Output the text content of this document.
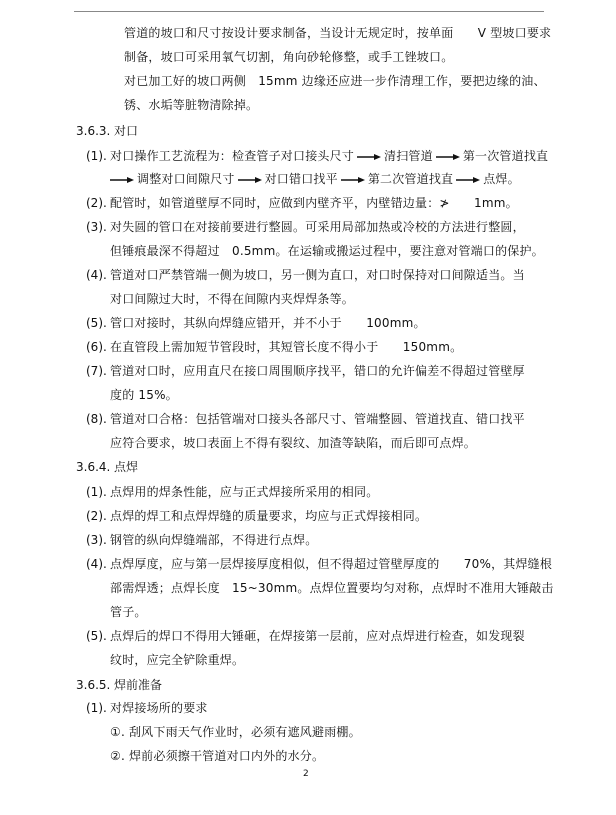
管道的坡口和尺寸按设计要求制备，当设计无规定时，按单面　　V 型坡口要求
制备，坡口可采用氧气切割，角向砂轮修整，或手工锉坡口。
对已加工好的坡口两侧　15mm 边缘还应进一步作清理工作，要把边缘的油、
锈、水垢等脏物清除掉。
3.6.3. 对口
(1). 对口操作工艺流程为：检查管子对口接头尺寸	清扫管道	第一次管道找直
调整对口间隙尺寸	对口错口找平	第二次管道找直	点焊。
(2). 配管时，如管道壁厚不同时，应做到内壁齐平，内壁错边量：≯　　1mm。
(3). 对失圆的管口在对接前要进行整圆。可采用局部加热或冷校的方法进行整圆，
但锤痕最深不得超过　0.5mm。在运输或搬运过程中，要注意对管端口的保护。
(4). 管道对口严禁管端一侧为坡口，另一侧为直口，对口时保持对口间隙适当。当
对口间隙过大时，不得在间隙内夹焊焊条等。
(5). 管口对接时，其纵向焊缝应错开，并不小于　　100mm。
(6). 在直管段上需加短节管段时，其短管长度不得小于　　150mm。
(7). 管道对口时，应用直尺在接口周围顺序找平，错口的允许偏差不得超过管壁厚
度的 15%。
(8). 管道对口合格：包括管端对口接头各部尺寸、管端整圆、管道找直、错口找平
应符合要求，坡口表面上不得有裂纹、加渣等缺陷，而后即可点焊。
3.6.4. 点焊
(1). 点焊用的焊条性能，应与正式焊接所采用的相同。
(2). 点焊的焊工和点焊焊缝的质量要求，均应与正式焊接相同。
(3). 钢管的纵向焊缝端部，不得进行点焊。
(4). 点焊厚度，应与第一层焊接厚度相似，但不得超过管壁厚度的　　70%，其焊缝根
部需焊透；点焊长度　15~30mm。点焊位置要均匀对称，点焊时不准用大锤敲击
管子。
(5). 点焊后的焊口不得用大锤砸，在焊接第一层前，应对点焊进行检查，如发现裂
纹时，应完全铲除重焊。
3.6.5. 焊前准备
(1). 对焊接场所的要求
①. 刮风下雨天气作业时，必须有遮风避雨棚。
②. 焊前必须擦干管道对口内外的水分。
2
